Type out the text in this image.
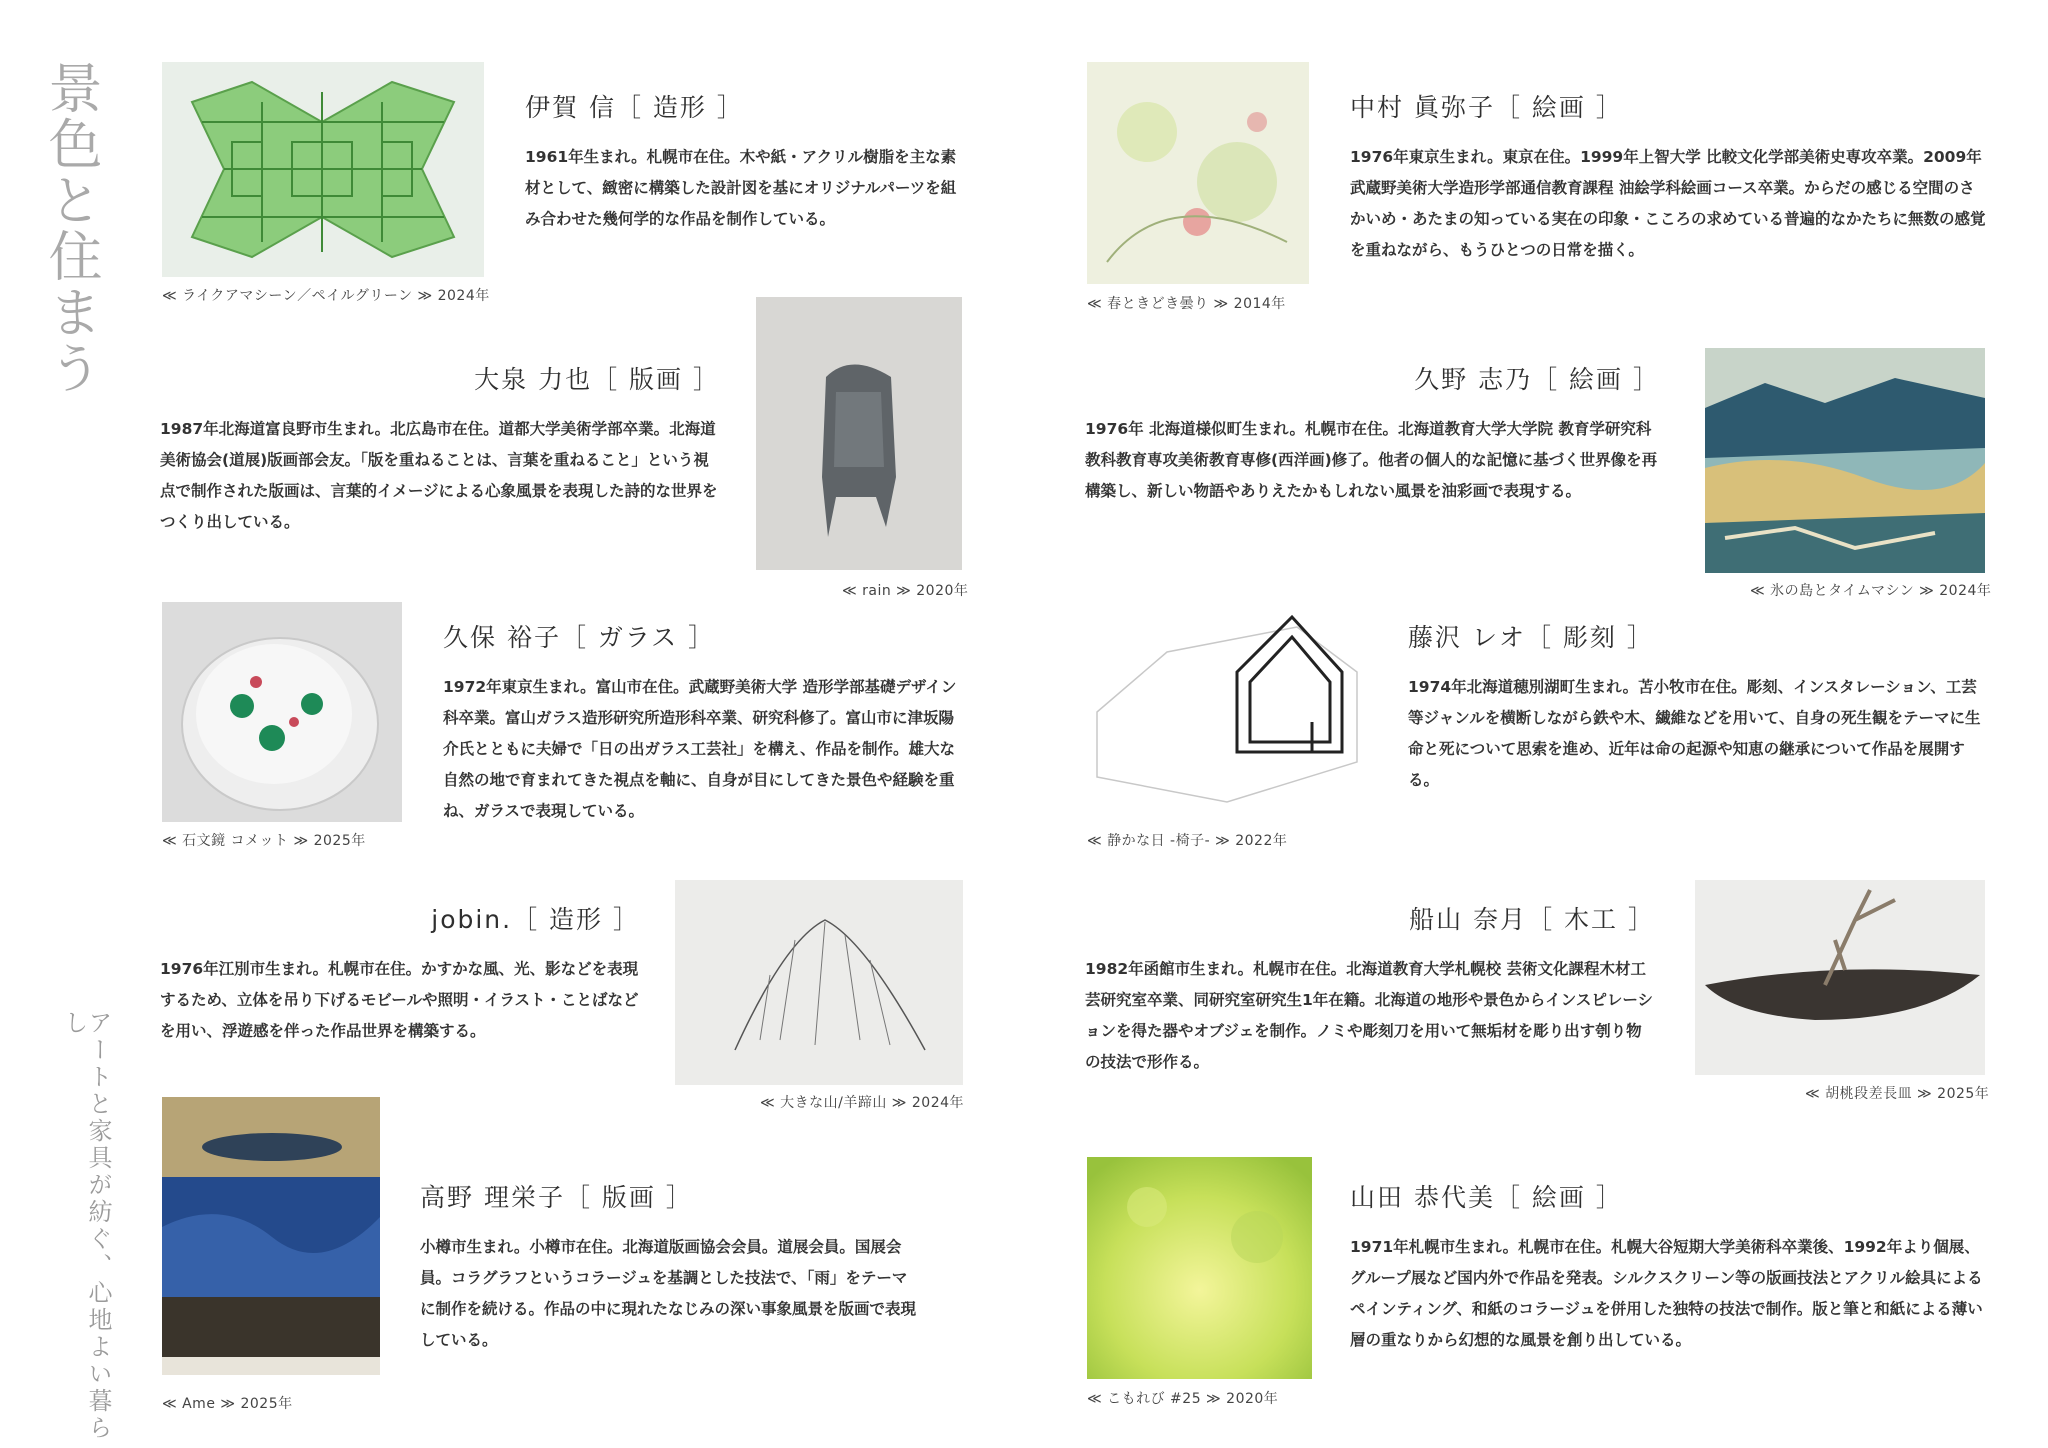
景色と住まう
アートと家具が紡ぐ、心地よい暮らし
伊賀 信［ 造形 ］
1961年生まれ。札幌市在住。木や紙・アクリル樹脂を主な素材として、緻密に構築した設計図を基にオリジナルパーツを組み合わせた幾何学的な作品を制作している。
≪ ライクアマシーン／ペイルグリーン ≫ 2024年
大泉 力也［ 版画 ］
1987年北海道富良野市生まれ。北広島市在住。道都大学美術学部卒業。北海道美術協会(道展)版画部会友。「版を重ねることは、言葉を重ねること」という視点で制作された版画は、言葉的イメージによる心象風景を表現した詩的な世界をつくり出している。
≪ rain ≫ 2020年
久保 裕子［ ガラス ］
1972年東京生まれ。富山市在住。武蔵野美術大学 造形学部基礎デザイン科卒業。富山ガラス造形研究所造形科卒業、研究科修了。富山市に津坂陽介氏とともに夫婦で「日の出ガラス工芸社」を構え、作品を制作。雄大な自然の地で育まれてきた視点を軸に、自身が目にしてきた景色や経験を重ね、ガラスで表現している。
≪ 石文鏡 コメット ≫ 2025年
jobin.［ 造形 ］
1976年江別市生まれ。札幌市在住。かすかな風、光、影などを表現するため、立体を吊り下げるモビールや照明・イラスト・ことばなどを用い、浮遊感を伴った作品世界を構築する。
≪ 大きな山/羊蹄山 ≫ 2024年
高野 理栄子［ 版画 ］
小樽市生まれ。小樽市在住。北海道版画協会会員。道展会員。国展会員。コラグラフというコラージュを基調とした技法で、「雨」をテーマに制作を続ける。作品の中に現れたなじみの深い事象風景を版画で表現している。
≪ Ame ≫ 2025年
中村 眞弥子［ 絵画 ］
1976年東京生まれ。東京在住。1999年上智大学 比較文化学部美術史専攻卒業。2009年武蔵野美術大学造形学部通信教育課程 油絵学科絵画コース卒業。からだの感じる空間のさかいめ・あたまの知っている実在の印象・こころの求めている普遍的なかたちに無数の感覚を重ねながら、もうひとつの日常を描く。
≪ 春ときどき曇り ≫ 2014年
久野 志乃［ 絵画 ］
1976年 北海道様似町生まれ。札幌市在住。北海道教育大学大学院 教育学研究科教科教育専攻美術教育専修(西洋画)修了。他者の個人的な記憶に基づく世界像を再構築し、新しい物語やありえたかもしれない風景を油彩画で表現する。
≪ 氷の島とタイムマシン ≫ 2024年
藤沢 レオ［ 彫刻 ］
1974年北海道穂別湖町生まれ。苫小牧市在住。彫刻、インスタレーション、工芸等ジャンルを横断しながら鉄や木、繊維などを用いて、自身の死生観をテーマに生命と死について思索を進め、近年は命の起源や知恵の継承について作品を展開する。
≪ 静かな日 -椅子- ≫ 2022年
船山 奈月［ 木工 ］
1982年函館市生まれ。札幌市在住。北海道教育大学札幌校 芸術文化課程木材工芸研究室卒業、同研究室研究生1年在籍。北海道の地形や景色からインスピレーションを得た器やオブジェを制作。ノミや彫刻刀を用いて無垢材を彫り出す刳り物の技法で形作る。
≪ 胡桃段差長皿 ≫ 2025年
山田 恭代美［ 絵画 ］
1971年札幌市生まれ。札幌市在住。札幌大谷短期大学美術科卒業後、1992年より個展、グループ展など国内外で作品を発表。シルクスクリーン等の版画技法とアクリル絵具によるペインティング、和紙のコラージュを併用した独特の技法で制作。版と筆と和紙による薄い層の重なりから幻想的な風景を創り出している。
≪ こもれび #25 ≫ 2020年
